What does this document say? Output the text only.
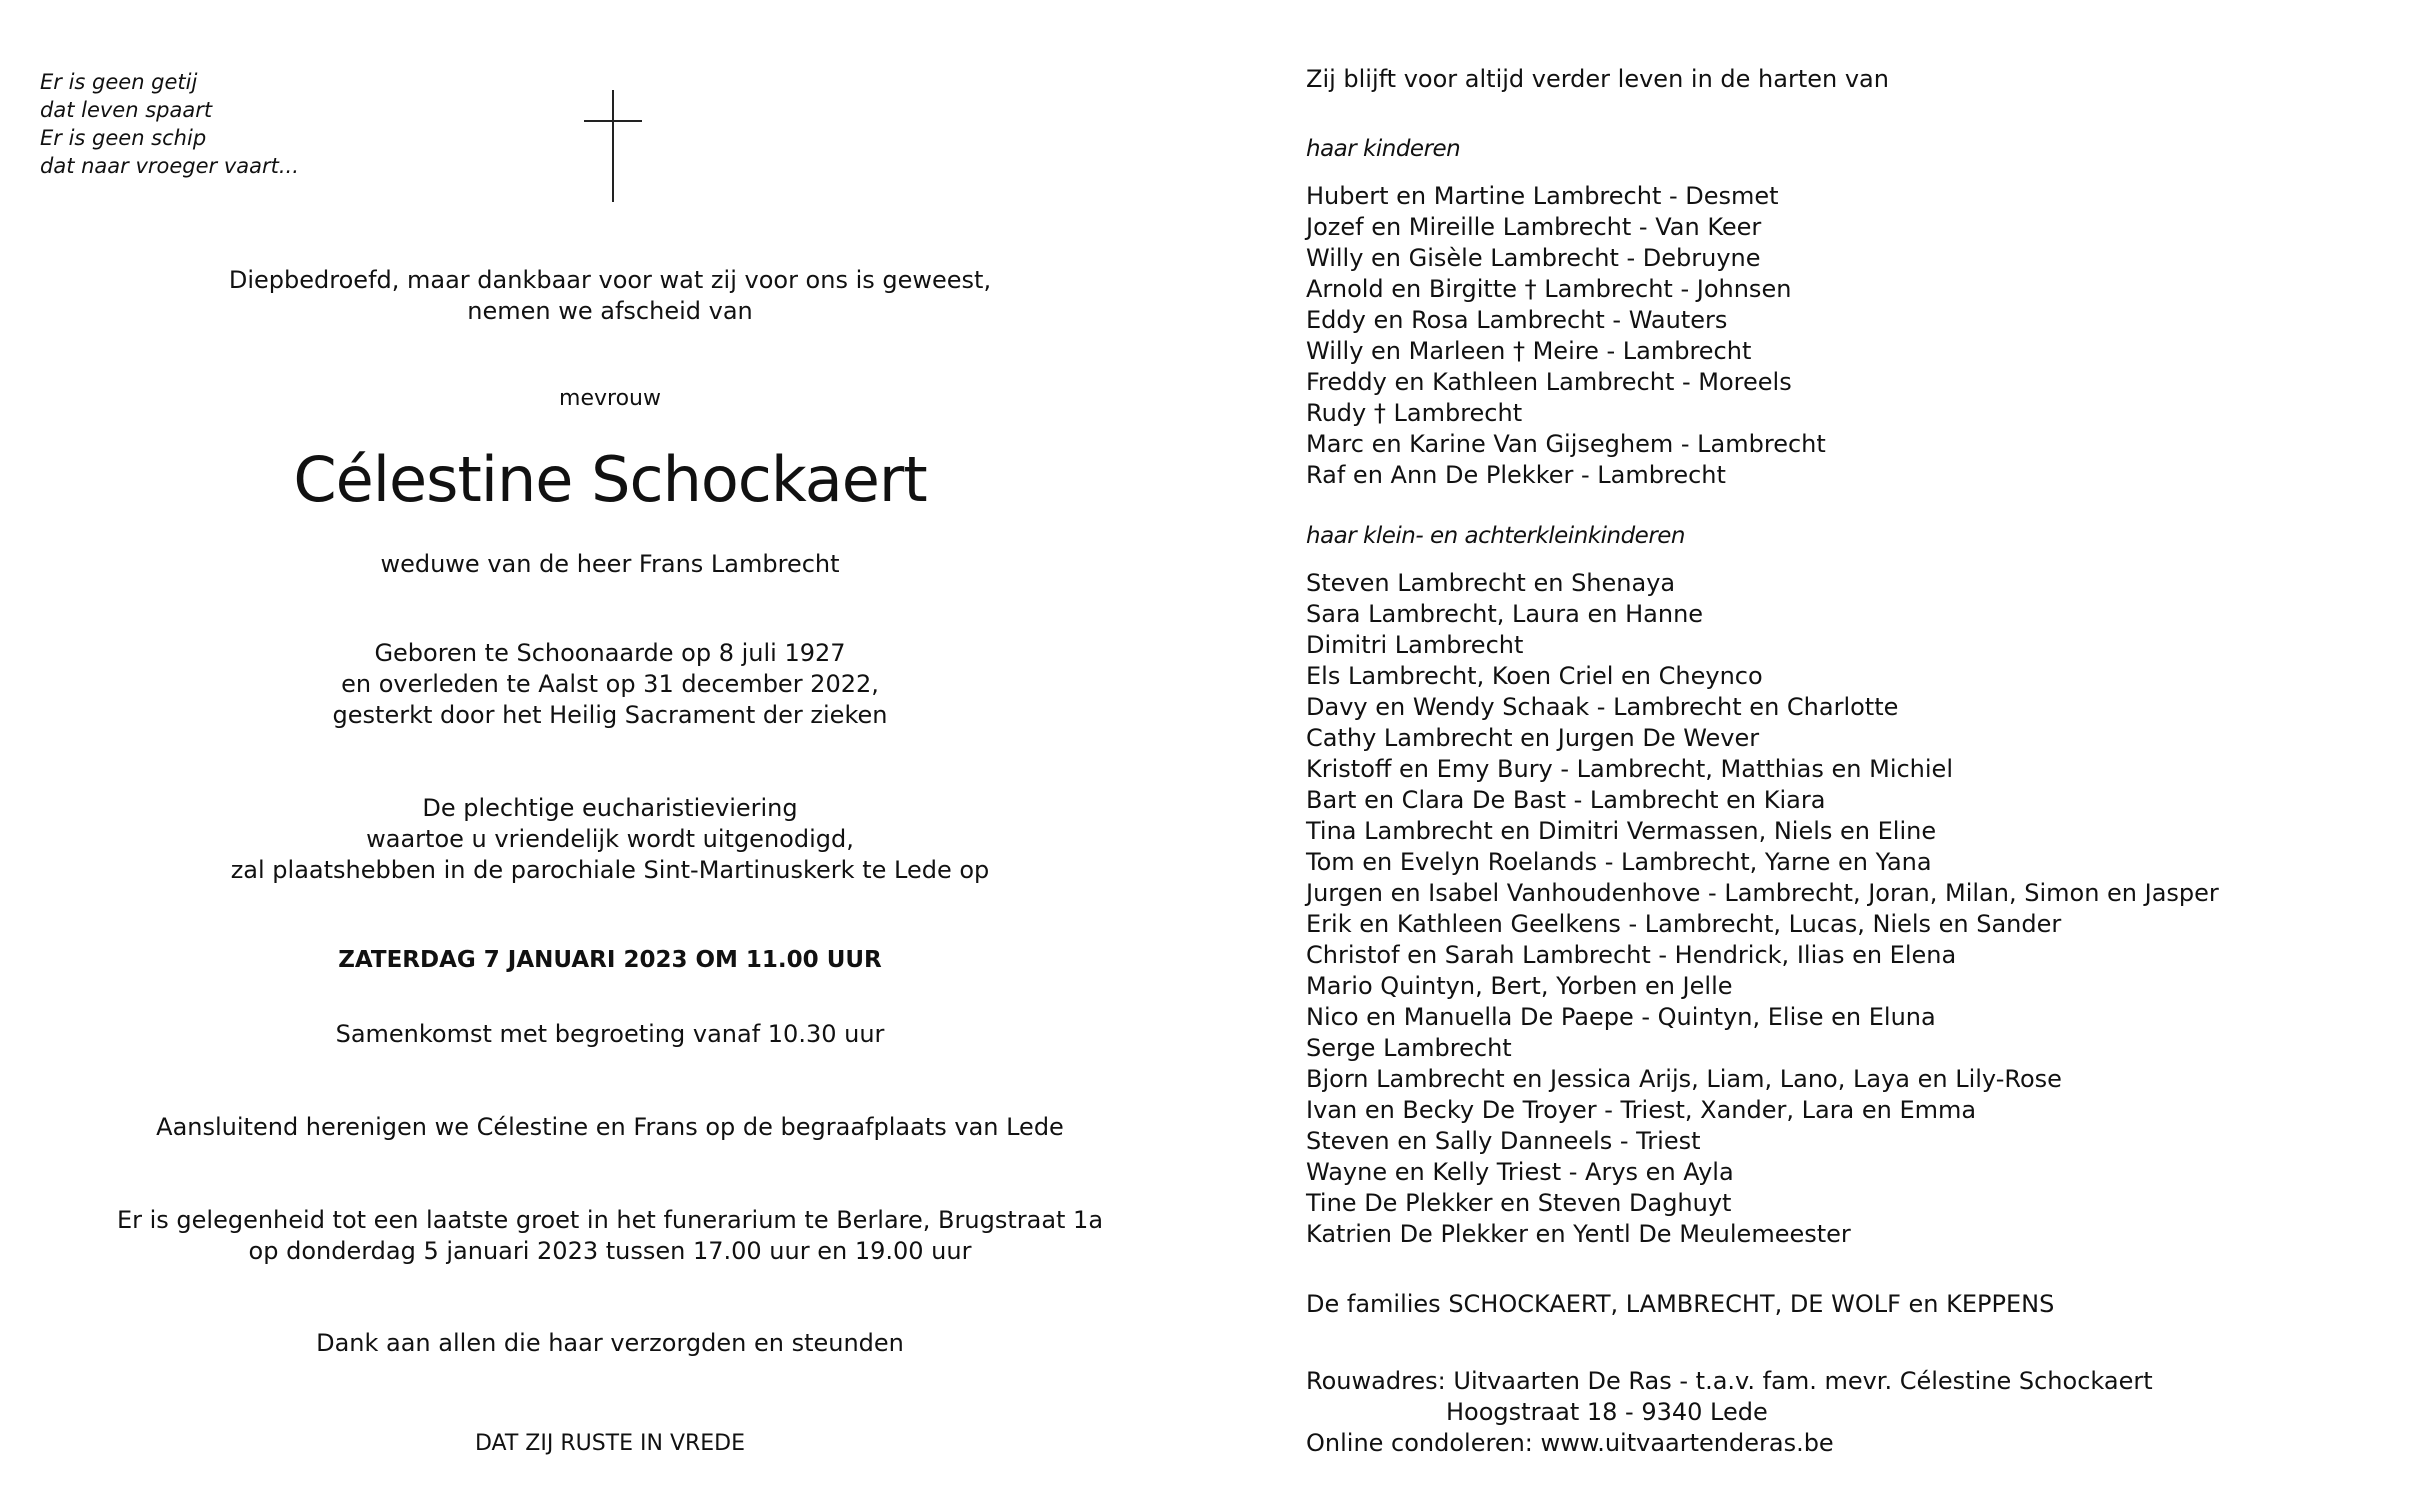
Er is geen getij
dat leven spaart
Er is geen schip
dat naar vroeger vaart...
Diepbedroefd, maar dankbaar voor wat zij voor ons is geweest,
nemen we afscheid van
mevrouw
Célestine Schockaert
weduwe van de heer Frans Lambrecht
Geboren te Schoonaarde op 8 juli 1927
en overleden te Aalst op 31 december 2022,
gesterkt door het Heilig Sacrament der zieken
De plechtige eucharistieviering
waartoe u vriendelijk wordt uitgenodigd,
zal plaatshebben in de parochiale Sint-Martinuskerk te Lede op
ZATERDAG 7 JANUARI 2023 OM 11.00 UUR
Samenkomst met begroeting vanaf 10.30 uur
Aansluitend herenigen we Célestine en Frans op de begraafplaats van Lede
Er is gelegenheid tot een laatste groet in het funerarium te Berlare, Brugstraat 1a
op donderdag 5 januari 2023 tussen 17.00 uur en 19.00 uur
Dank aan allen die haar verzorgden en steunden
DAT ZIJ RUSTE IN VREDE
Zij blijft voor altijd verder leven in de harten van
haar kinderen
Hubert en Martine Lambrecht - Desmet
Jozef en Mireille Lambrecht - Van Keer
Willy en Gisèle Lambrecht - Debruyne
Arnold en Birgitte † Lambrecht - Johnsen
Eddy en Rosa Lambrecht - Wauters
Willy en Marleen † Meire - Lambrecht
Freddy en Kathleen Lambrecht - Moreels
Rudy † Lambrecht
Marc en Karine Van Gijseghem - Lambrecht
Raf en Ann De Plekker - Lambrecht
haar klein- en achterkleinkinderen
Steven Lambrecht en Shenaya
Sara Lambrecht, Laura en Hanne
Dimitri Lambrecht
Els Lambrecht, Koen Criel en Cheynco
Davy en Wendy Schaak - Lambrecht en Charlotte
Cathy Lambrecht en Jurgen De Wever
Kristoff en Emy Bury - Lambrecht, Matthias en Michiel
Bart en Clara De Bast - Lambrecht en Kiara
Tina Lambrecht en Dimitri Vermassen, Niels en Eline
Tom en Evelyn Roelands - Lambrecht, Yarne en Yana
Jurgen en Isabel Vanhoudenhove - Lambrecht, Joran, Milan, Simon en Jasper
Erik en Kathleen Geelkens - Lambrecht, Lucas, Niels en Sander
Christof en Sarah Lambrecht - Hendrick, Ilias en Elena
Mario Quintyn, Bert, Yorben en Jelle
Nico en Manuella De Paepe - Quintyn, Elise en Eluna
Serge Lambrecht
Bjorn Lambrecht en Jessica Arijs, Liam, Lano, Laya en Lily-Rose
Ivan en Becky De Troyer - Triest, Xander, Lara en Emma
Steven en Sally Danneels - Triest
Wayne en Kelly Triest - Arys en Ayla
Tine De Plekker en Steven Daghuyt
Katrien De Plekker en Yentl De Meulemeester
De families SCHOCKAERT, LAMBRECHT, DE WOLF en KEPPENS
Rouwadres: Uitvaarten De Ras - t.a.v. fam. mevr. Célestine Schockaert
Hoogstraat 18 - 9340 Lede
Online condoleren: www.uitvaartenderas.be
